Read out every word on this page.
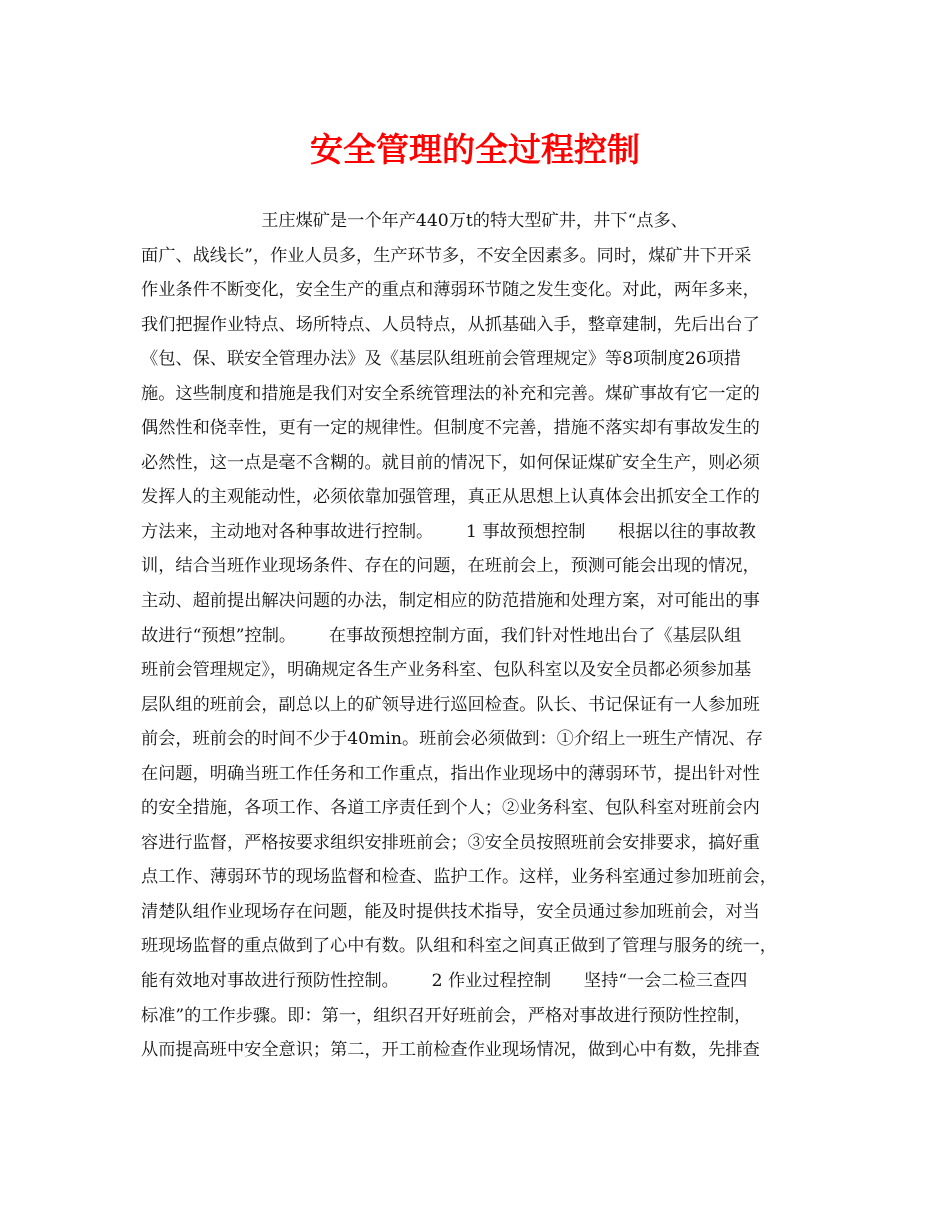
安全管理的全过程控制
王庄煤矿是一个年产440万t的特大型矿井，井下“点多、
面广、战线长”，作业人员多，生产环节多，不安全因素多。同时，煤矿井下开采
作业条件不断变化，安全生产的重点和薄弱环节随之发生变化。对此，两年多来，
我们把握作业特点、场所特点、人员特点，从抓基础入手，整章建制，先后出台了
《包、保、联安全管理办法》及《基层队组班前会管理规定》等8项制度26项措
施。这些制度和措施是我们对安全系统管理法的补充和完善。煤矿事故有它一定的
偶然性和侥幸性，更有一定的规律性。但制度不完善，措施不落实却有事故发生的
必然性，这一点是毫不含糊的。就目前的情况下，如何保证煤矿安全生产，则必须
发挥人的主观能动性，必须依靠加强管理，真正从思想上认真体会出抓安全工作的
方法来，主动地对各种事故进行控制。      1 事故预想控制      根据以往的事故教
训，结合当班作业现场条件、存在的问题，在班前会上，预测可能会出现的情况，
主动、超前提出解决问题的办法，制定相应的防范措施和处理方案，对可能出的事
故进行“预想”控制。      在事故预想控制方面，我们针对性地出台了《基层队组
班前会管理规定》，明确规定各生产业务科室、包队科室以及安全员都必须参加基
层队组的班前会，副总以上的矿领导进行巡回检查。队长、书记保证有一人参加班
前会，班前会的时间不少于40min。班前会必须做到：①介绍上一班生产情况、存
在问题，明确当班工作任务和工作重点，指出作业现场中的薄弱环节，提出针对性
的安全措施，各项工作、各道工序责任到个人；②业务科室、包队科室对班前会内
容进行监督，严格按要求组织安排班前会；③安全员按照班前会安排要求，搞好重
点工作、薄弱环节的现场监督和检查、监护工作。这样，业务科室通过参加班前会，
清楚队组作业现场存在问题，能及时提供技术指导，安全员通过参加班前会，对当
班现场监督的重点做到了心中有数。队组和科室之间真正做到了管理与服务的统一，
能有效地对事故进行预防性控制。      2 作业过程控制      坚持“一会二检三查四
标准”的工作步骤。即：第一，组织召开好班前会，严格对事故进行预防性控制，
从而提高班中安全意识；第二，开工前检查作业现场情况，做到心中有数，先排查
